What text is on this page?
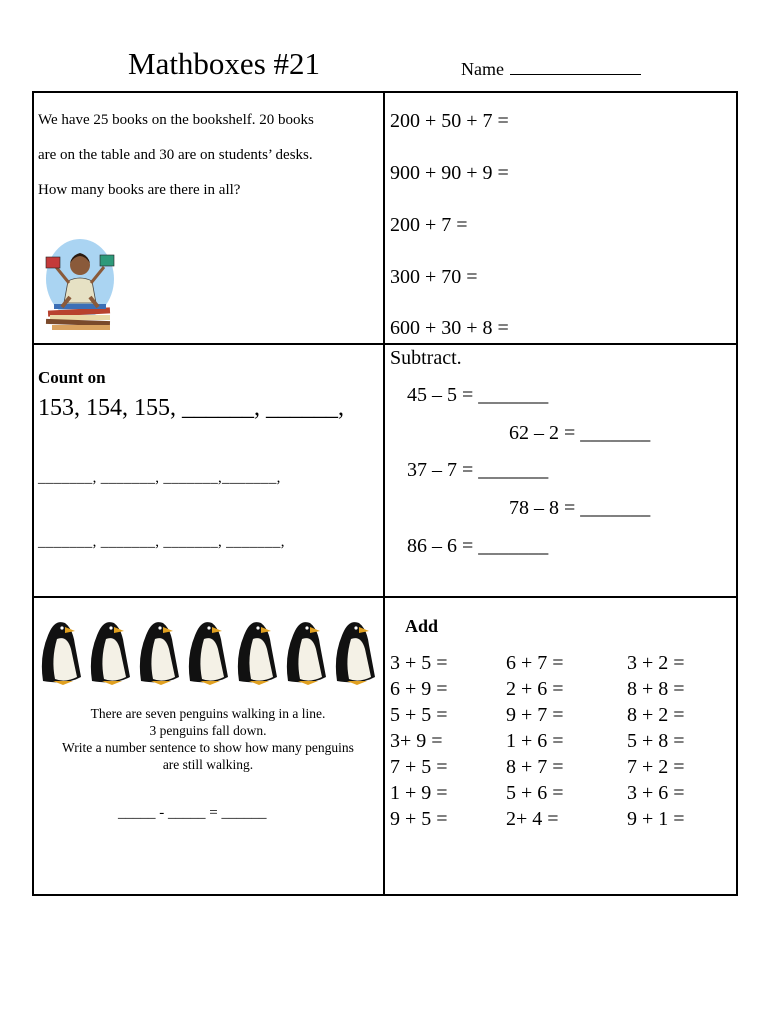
Mathboxes #21	Name
We have 25 books on the bookshelf. 20 books
are on the table and 30 are on students’ desks.
How many books are there in all?
200 + 50 + 7 =
900 + 90 + 9 =
200 + 7 =
300 + 70 =
600 + 30 + 8 =
Count on
153, 154, 155, ______, ______,
_______, _______, _______,_______,
_______, _______, _______, _______,
Subtract.
45 – 5 = _______
62 – 2 = _______
37 – 7 = _______
78 – 8 = _______
86 – 6 = _______
There are seven penguins walking in a line.
3 penguins fall down.
Write a number sentence to show how many penguins
are still walking.
_____ - _____ = ______
Add
3 + 5 =
6 + 9 =
5 + 5 =
3+ 9 =
7 + 5 =
1 + 9 =
9 + 5 =
6 + 7 =
2 + 6 =
9 + 7 =
1 + 6 =
8 + 7 =
5 + 6 =
2+ 4 =
3 + 2 =
8 + 8 =
8 + 2 =
5 + 8 =
7 + 2 =
3 + 6 =
9 + 1 =
